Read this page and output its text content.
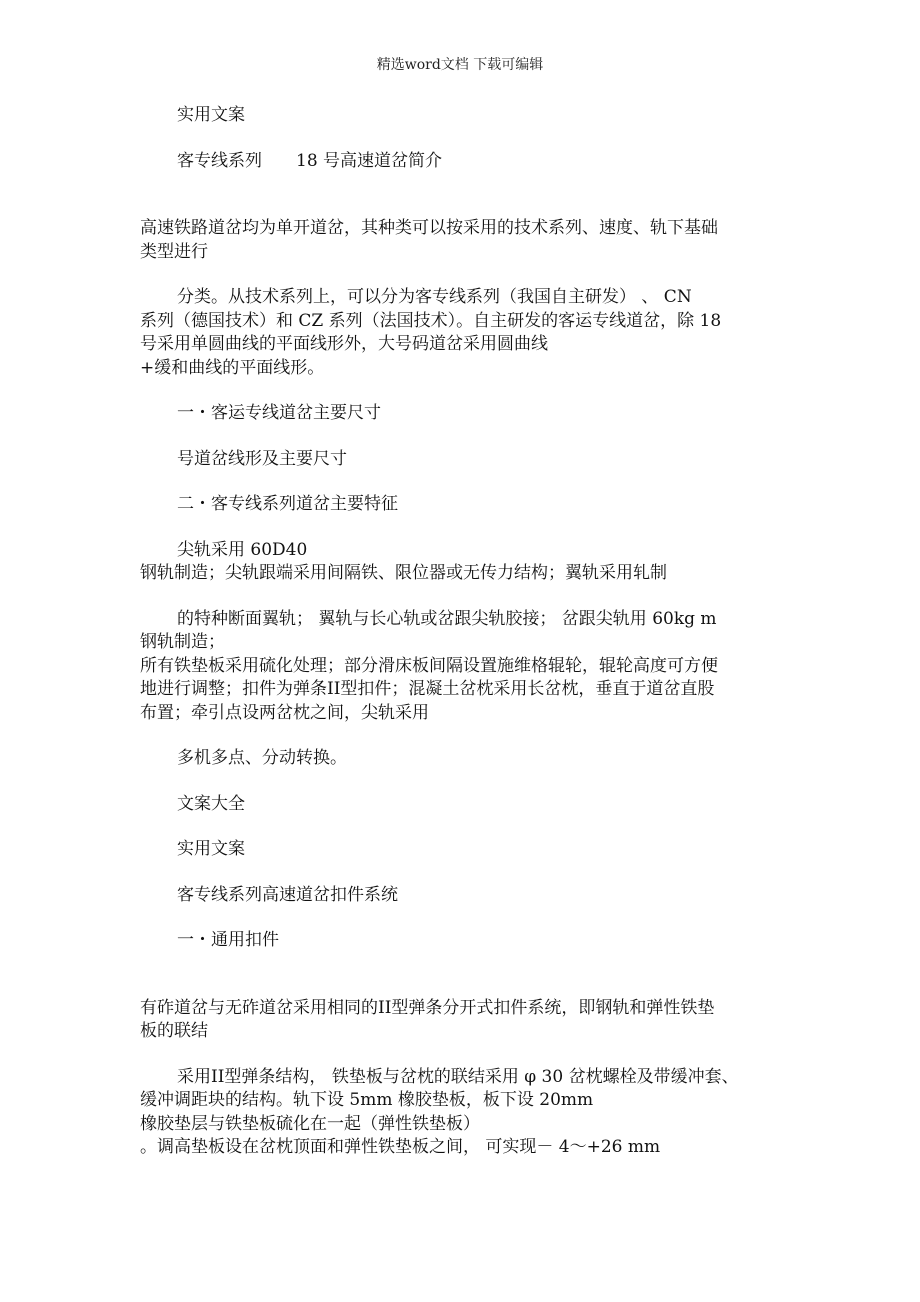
精选word文档 下载可编辑
实用文案
客专线系列　　18 号高速道岔简介
高速铁路道岔均为单开道岔，其种类可以按采用的技术系列、速度、轨下基础
类型进行
分类。从技术系列上，可以分为客专线系列（我国自主研发） 、 CN
系列（德国技术）和 CZ 系列（法国技术）。自主研发的客运专线道岔，除 18
号采用单圆曲线的平面线形外，大号码道岔采用圆曲线
+缓和曲线的平面线形。
一・客运专线道岔主要尺寸
号道岔线形及主要尺寸
二・客专线系列道岔主要特征
尖轨采用 60D40
钢轨制造；尖轨跟端采用间隔铁、限位器或无传力结构；翼轨采用轧制
的特种断面翼轨； 翼轨与长心轨或岔跟尖轨胶接； 岔跟尖轨用 60kg m
钢轨制造；
所有铁垫板采用硫化处理；部分滑床板间隔设置施维格辊轮，辊轮高度可方便
地进行调整；扣件为弹条II型扣件；混凝土岔枕采用长岔枕，垂直于道岔直股
布置；牵引点设两岔枕之间，尖轨采用
多机多点、分动转换。
文案大全
实用文案
客专线系列高速道岔扣件系统
一・通用扣件
有砟道岔与无砟道岔采用相同的II型弹条分开式扣件系统，即钢轨和弹性铁垫
板的联结
采用II型弹条结构， 铁垫板与岔枕的联结采用 φ 30 岔枕螺栓及带缓冲套、
缓冲调距块的结构。轨下设 5mm 橡胶垫板，板下设 20mm
橡胶垫层与铁垫板硫化在一起（弹性铁垫板）
。调高垫板设在岔枕顶面和弹性铁垫板之间， 可实现－ 4～+26 mm
